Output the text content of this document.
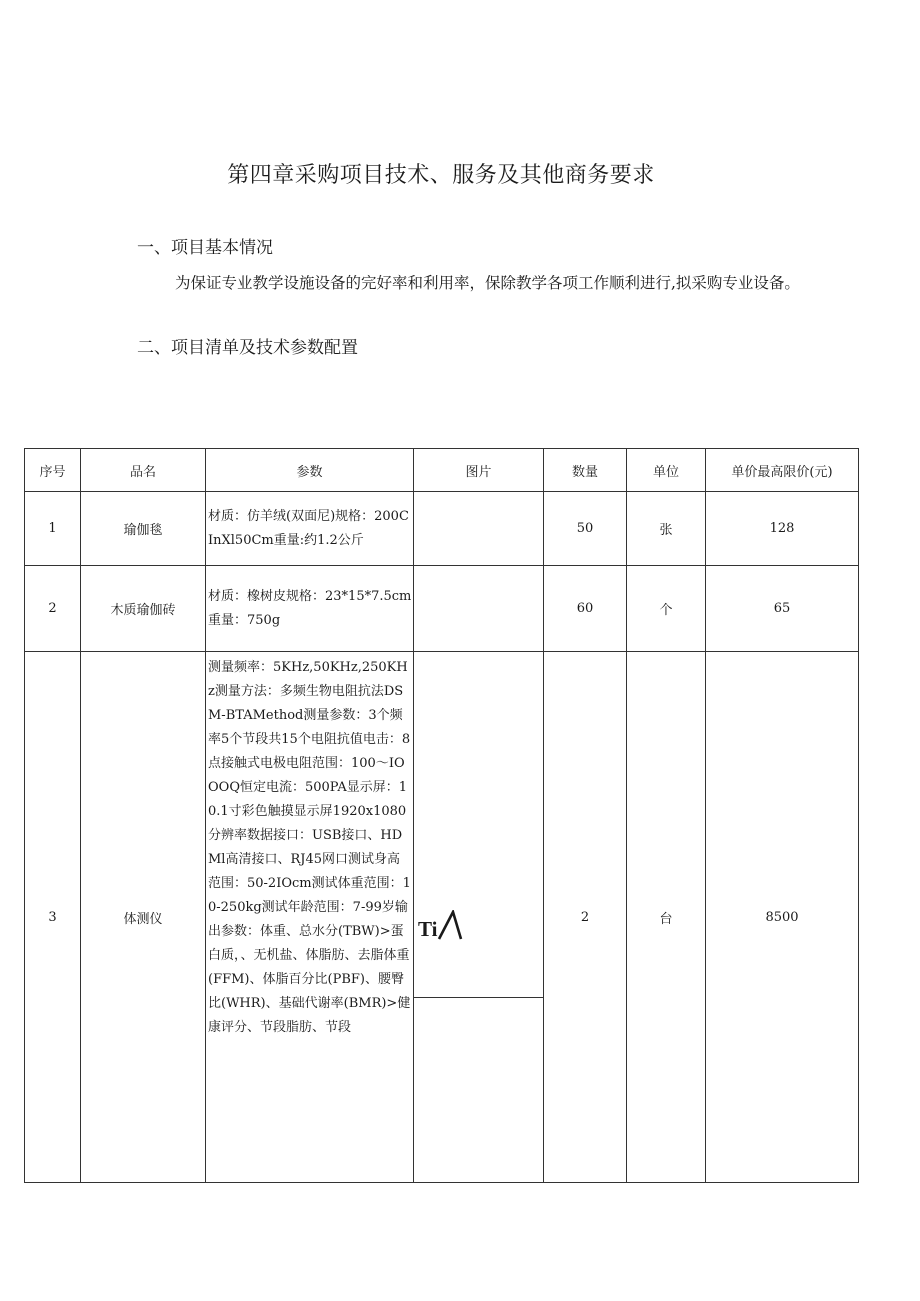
第四章采购项目技术、服务及其他商务要求
一、项目基本情况
为保证专业教学设施设备的完好率和利用率，保除教学各项工作顺利进行,拟采购专业设备。
二、项目清单及技术参数配置
序号	品名	参数	图片	数量	单位	单价最高限价(元)
1	瑜伽毯	材质：仿羊绒(双面尼)规格：200CInXl50Cm重量:约1.2公斤		50	张	128
2	木质瑜伽砖	材质：橡树皮规格：23*15*7.5cm重量：750g		60	个	65
3	体测仪	测量频率：5KHz,50KHz,250KHz测量方法：多频生物电阻抗法DSM-BTAMethod测量参数：3个频率5个节段共15个电阻抗值电击：8点接触式电极电阻范围：100～IOOOQ恒定电流：500PA显示屏：10.1寸彩色触摸显示屏1920x1080分辨率数据接口：USB接口、HDMl高清接口、RJ45网口测试身高范围：50-2IOcm测试体重范围：10-250kg测试年龄范围：7-99岁输出参数：体重、总水分(TBW)>蛋白质，、无机盐、体脂肪、去脂体重(FFM)、体脂百分比(PBF)、腰臀比(WHR)、基础代谢率(BMR)>健康评分、节段脂肪、节段	Ti	2	台	8500
